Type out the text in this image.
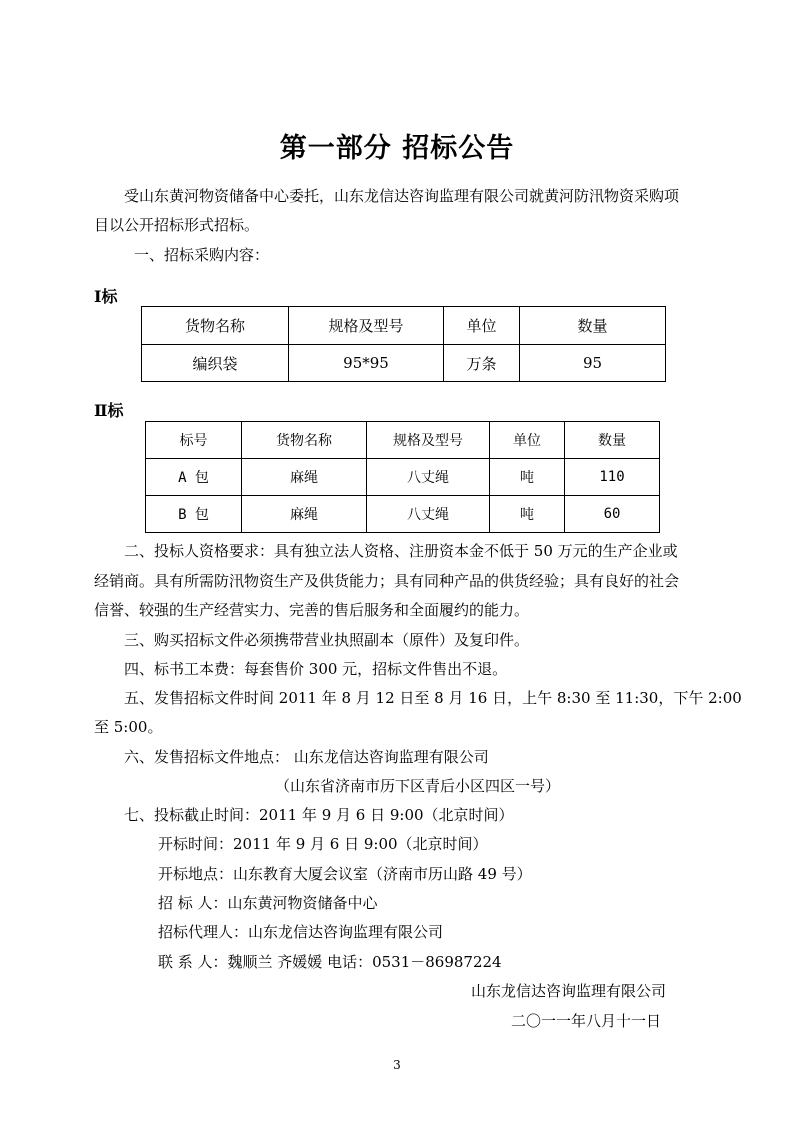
第一部分 招标公告
受山东黄河物资储备中心委托，山东龙信达咨询监理有限公司就黄河防汛物资采购项
目以公开招标形式招标。
一、招标采购内容：
Ⅰ标
货物名称	规格及型号	单位	数量
编织袋	95*95	万条	95
Ⅱ标
标号	货物名称	规格及型号	单位	数量
A 包	麻绳	八丈绳	吨	110
B 包	麻绳	八丈绳	吨	60
二、投标人资格要求：具有独立法人资格、注册资本金不低于 50 万元的生产企业或
经销商。具有所需防汛物资生产及供货能力；具有同种产品的供货经验；具有良好的社会
信誉、较强的生产经营实力、完善的售后服务和全面履约的能力。
三、购买招标文件必须携带营业执照副本（原件）及复印件。
四、标书工本费：每套售价 300 元，招标文件售出不退。
五、发售招标文件时间 2011 年 8 月 12 日至 8 月 16 日，上午 8:30 至 11:30，下午 2:00
至 5:00。
六、发售招标文件地点： 山东龙信达咨询监理有限公司
（山东省济南市历下区青后小区四区一号）
七、投标截止时间：2011 年 9 月 6 日 9:00（北京时间）
开标时间：2011 年 9 月 6 日 9:00（北京时间）
开标地点：山东教育大厦会议室（济南市历山路 49 号）
招 标 人：山东黄河物资储备中心
招标代理人：山东龙信达咨询监理有限公司
联 系 人：魏顺兰 齐媛媛 电话：0531－86987224
山东龙信达咨询监理有限公司
二〇一一年八月十一日
3
